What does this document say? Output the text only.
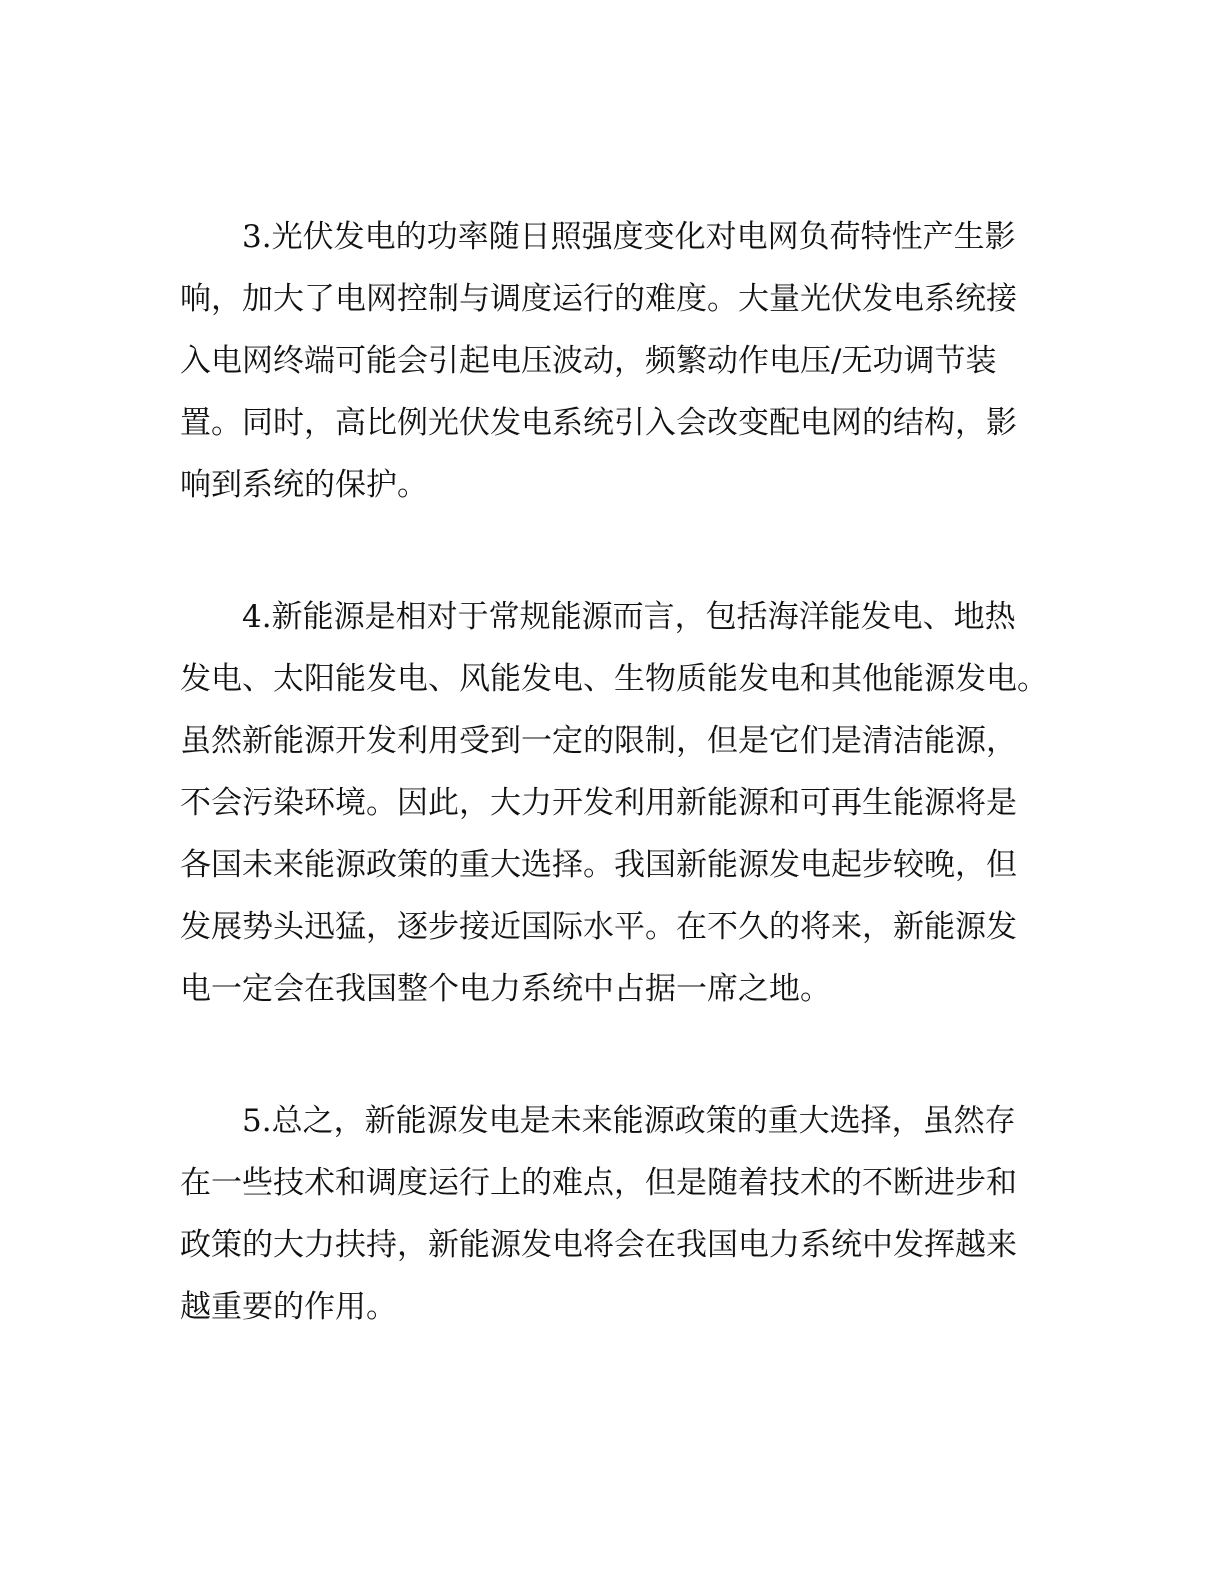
3.光伏发电的功率随日照强度变化对电网负荷特性产生影
响，加大了电网控制与调度运行的难度。大量光伏发电系统接
入电网终端可能会引起电压波动，频繁动作电压/无功调节装
置。同时，高比例光伏发电系统引入会改变配电网的结构，影
响到系统的保护。
4.新能源是相对于常规能源而言，包括海洋能发电、地热
发电、太阳能发电、风能发电、生物质能发电和其他能源发电。
虽然新能源开发利用受到一定的限制，但是它们是清洁能源，
不会污染环境。因此，大力开发利用新能源和可再生能源将是
各国未来能源政策的重大选择。我国新能源发电起步较晚，但
发展势头迅猛，逐步接近国际水平。在不久的将来，新能源发
电一定会在我国整个电力系统中占据一席之地。
5.总之，新能源发电是未来能源政策的重大选择，虽然存
在一些技术和调度运行上的难点，但是随着技术的不断进步和
政策的大力扶持，新能源发电将会在我国电力系统中发挥越来
越重要的作用。
